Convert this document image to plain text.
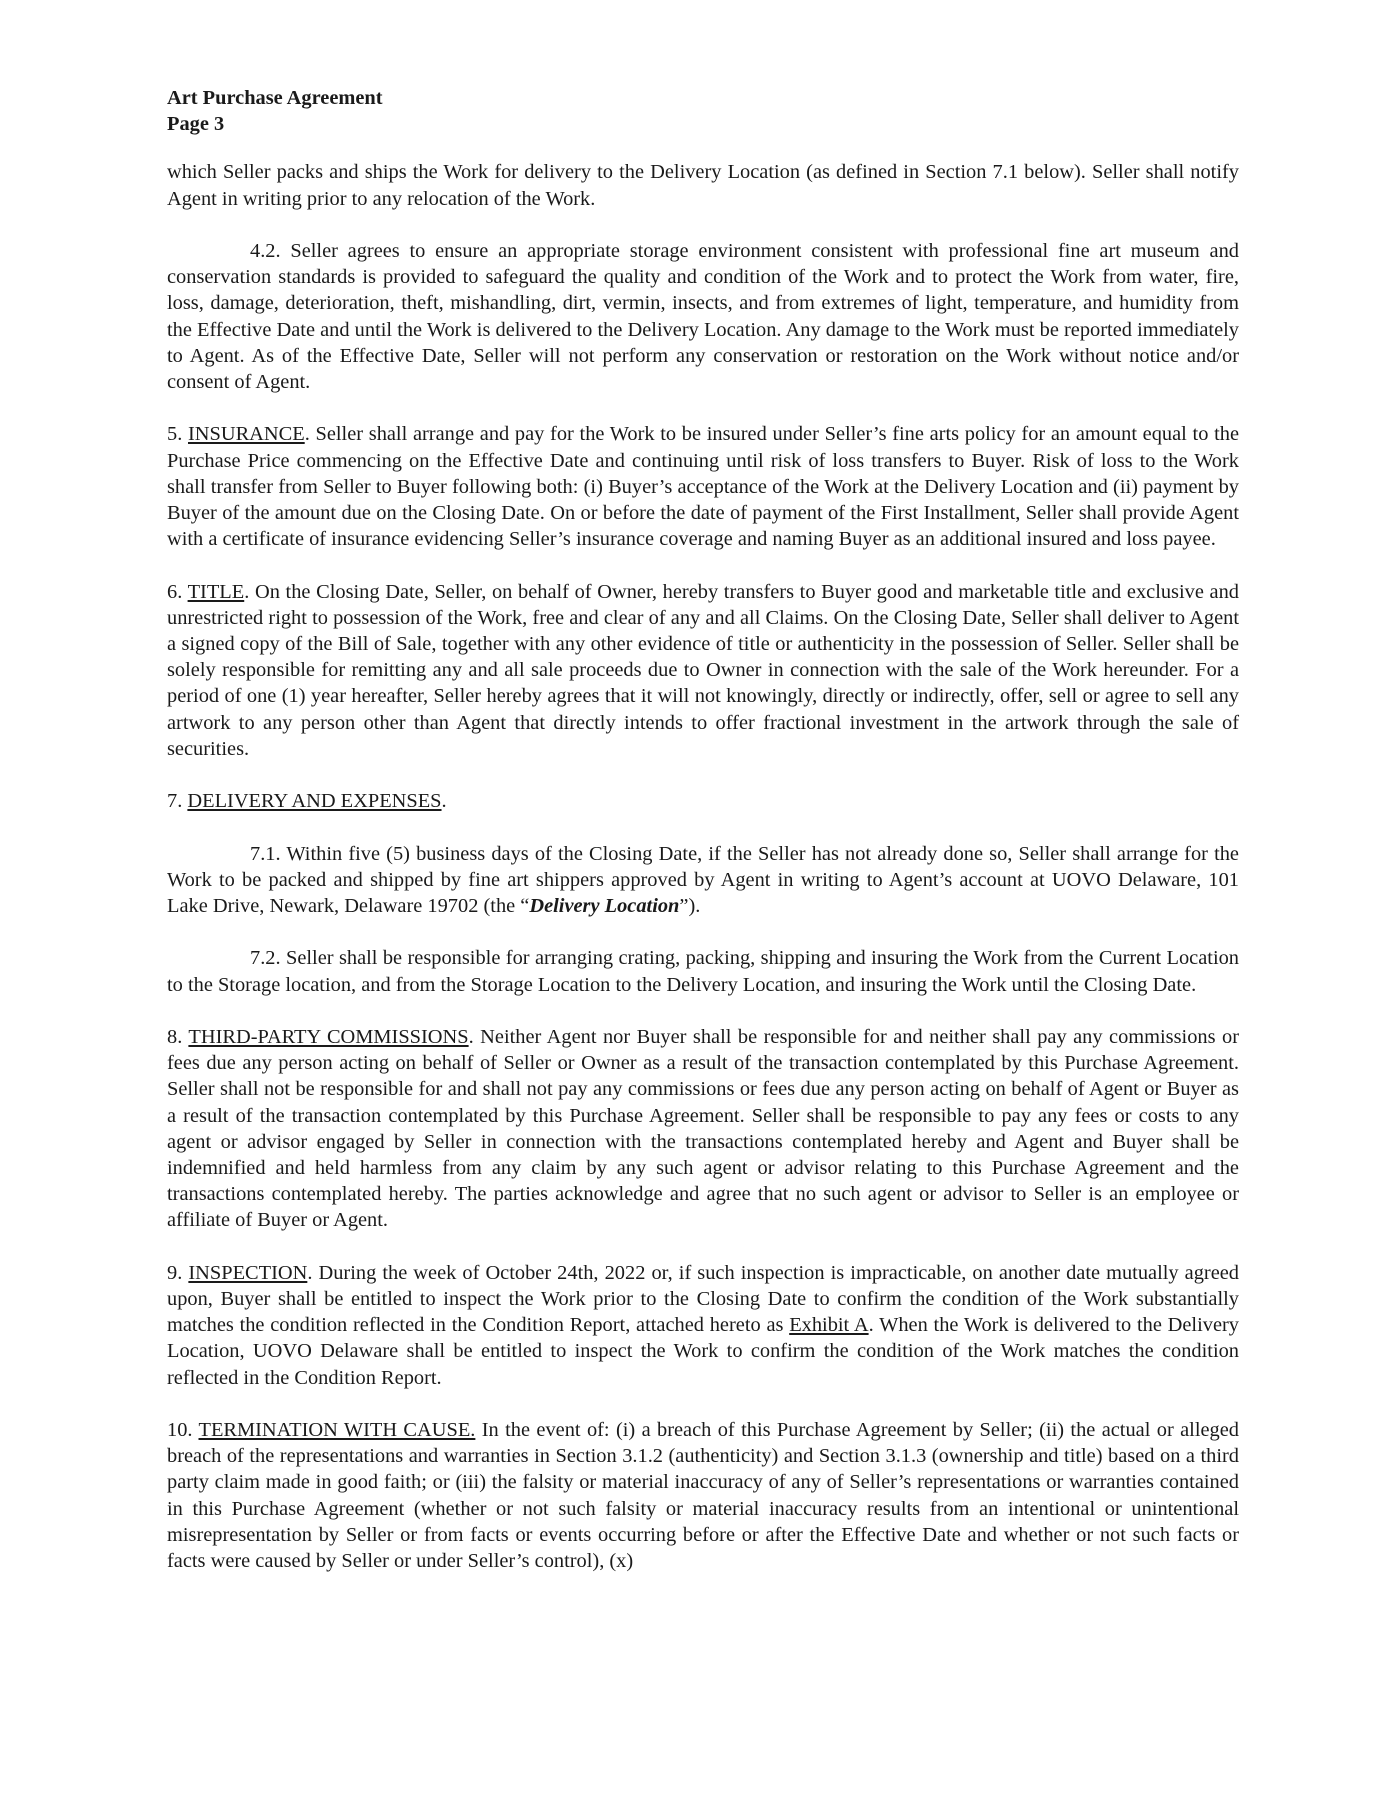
Art Purchase Agreement
Page 3

which Seller packs and ships the Work for delivery to the Delivery Location (as defined in Section 7.1 below). Seller shall notify Agent in writing prior to any relocation of the Work.

4.2. Seller agrees to ensure an appropriate storage environment consistent with professional fine art museum and conservation standards is provided to safeguard the quality and condition of the Work and to protect the Work from water, fire, loss, damage, deterioration, theft, mishandling, dirt, vermin, insects, and from extremes of light, temperature, and humidity from the Effective Date and until the Work is delivered to the Delivery Location. Any damage to the Work must be reported immediately to Agent. As of the Effective Date, Seller will not perform any conservation or restoration on the Work without notice and/or consent of Agent.

5. INSURANCE. Seller shall arrange and pay for the Work to be insured under Seller’s fine arts policy for an amount equal to the Purchase Price commencing on the Effective Date and continuing until risk of loss transfers to Buyer. Risk of loss to the Work shall transfer from Seller to Buyer following both: (i) Buyer’s acceptance of the Work at the Delivery Location and (ii) payment by Buyer of the amount due on the Closing Date. On or before the date of payment of the First Installment, Seller shall provide Agent with a certificate of insurance evidencing Seller’s insurance coverage and naming Buyer as an additional insured and loss payee.

6. TITLE. On the Closing Date, Seller, on behalf of Owner, hereby transfers to Buyer good and marketable title and exclusive and unrestricted right to possession of the Work, free and clear of any and all Claims. On the Closing Date, Seller shall deliver to Agent a signed copy of the Bill of Sale, together with any other evidence of title or authenticity in the possession of Seller. Seller shall be solely responsible for remitting any and all sale proceeds due to Owner in connection with the sale of the Work hereunder. For a period of one (1) year hereafter, Seller hereby agrees that it will not knowingly, directly or indirectly, offer, sell or agree to sell any artwork to any person other than Agent that directly intends to offer fractional investment in the artwork through the sale of securities.

7. DELIVERY AND EXPENSES.

7.1. Within five (5) business days of the Closing Date, if the Seller has not already done so, Seller shall arrange for the Work to be packed and shipped by fine art shippers approved by Agent in writing to Agent’s account at UOVO Delaware, 101 Lake Drive, Newark, Delaware 19702 (the “Delivery Location”).

7.2. Seller shall be responsible for arranging crating, packing, shipping and insuring the Work from the Current Location to the Storage location, and from the Storage Location to the Delivery Location, and insuring the Work until the Closing Date.

8. THIRD-PARTY COMMISSIONS. Neither Agent nor Buyer shall be responsible for and neither shall pay any commissions or fees due any person acting on behalf of Seller or Owner as a result of the transaction contemplated by this Purchase Agreement. Seller shall not be responsible for and shall not pay any commissions or fees due any person acting on behalf of Agent or Buyer as a result of the transaction contemplated by this Purchase Agreement. Seller shall be responsible to pay any fees or costs to any agent or advisor engaged by Seller in connection with the transactions contemplated hereby and Agent and Buyer shall be indemnified and held harmless from any claim by any such agent or advisor relating to this Purchase Agreement and the transactions contemplated hereby. The parties acknowledge and agree that no such agent or advisor to Seller is an employee or affiliate of Buyer or Agent.

9. INSPECTION. During the week of October 24th, 2022 or, if such inspection is impracticable, on another date mutually agreed upon, Buyer shall be entitled to inspect the Work prior to the Closing Date to confirm the condition of the Work substantially matches the condition reflected in the Condition Report, attached hereto as Exhibit A. When the Work is delivered to the Delivery Location, UOVO Delaware shall be entitled to inspect the Work to confirm the condition of the Work matches the condition reflected in the Condition Report.

10. TERMINATION WITH CAUSE. In the event of: (i) a breach of this Purchase Agreement by Seller; (ii) the actual or alleged breach of the representations and warranties in Section 3.1.2 (authenticity) and Section 3.1.3 (ownership and title) based on a third party claim made in good faith; or (iii) the falsity or material inaccuracy of any of Seller’s representations or warranties contained in this Purchase Agreement (whether or not such falsity or material inaccuracy results from an intentional or unintentional misrepresentation by Seller or from facts or events occurring before or after the Effective Date and whether or not such facts or facts were caused by Seller or under Seller’s control), (x)
